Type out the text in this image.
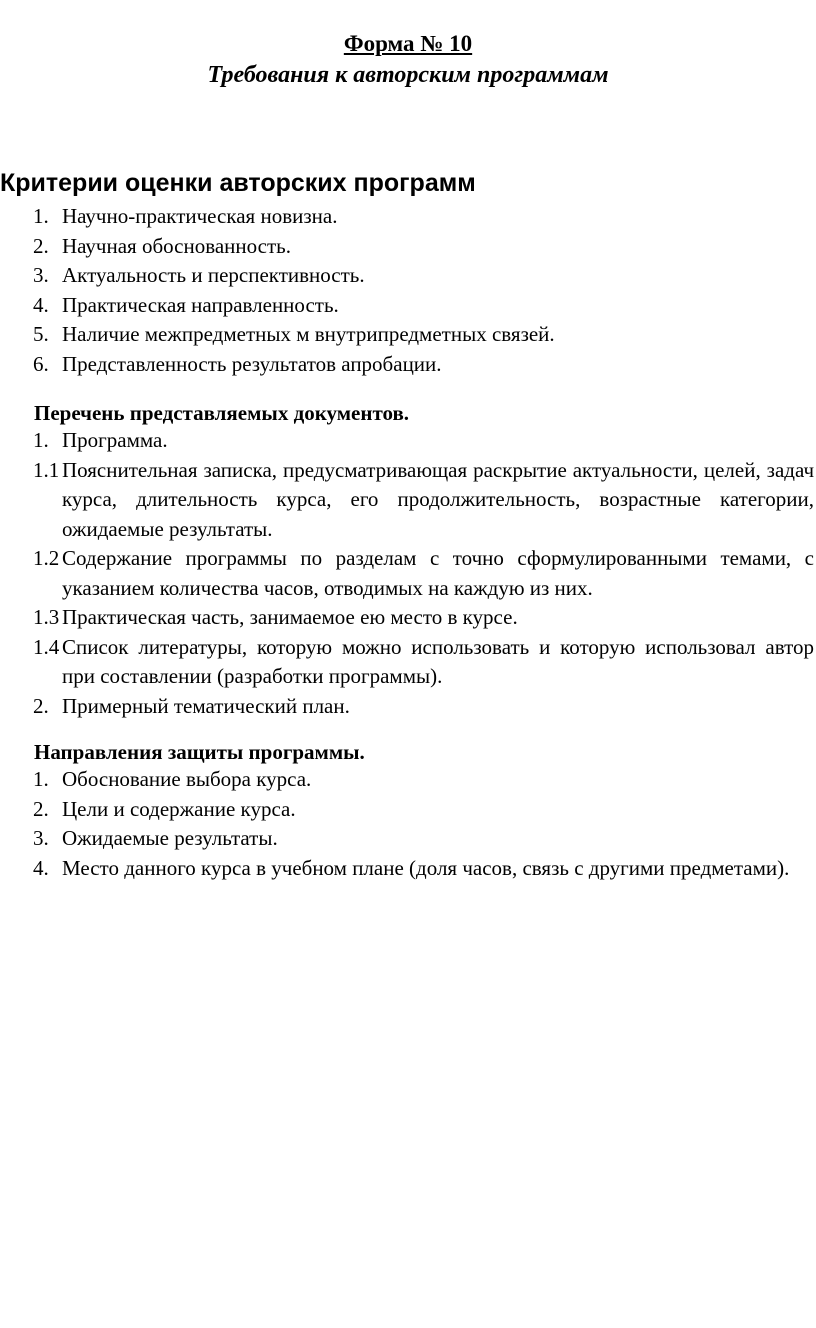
Форма № 10
Требования к авторским программам
Критерии оценки авторских программ
1. Научно-практическая новизна.
2. Научная обоснованность.
3. Актуальность и перспективность.
4. Практическая направленность.
5. Наличие межпредметных м внутрипредметных связей.
6. Представленность результатов апробации.
Перечень представляемых документов.
1. Программа.
1.1 Пояснительная записка, предусматривающая раскрытие актуальности, целей, задач курса, длительность курса, его продолжительность, возрастные категории, ожидаемые результаты.
1.2 Содержание программы по разделам с точно сформулированными темами, с указанием количества часов, отводимых на каждую из них.
1.3 Практическая часть, занимаемое ею место в курсе.
1.4 Список литературы, которую можно использовать и которую использовал автор при составлении (разработки программы).
2. Примерный тематический план.
Направления защиты программы.
1. Обоснование выбора курса.
2. Цели и содержание курса.
3. Ожидаемые результаты.
4. Место данного курса в учебном плане (доля часов, связь с другими предметами).
